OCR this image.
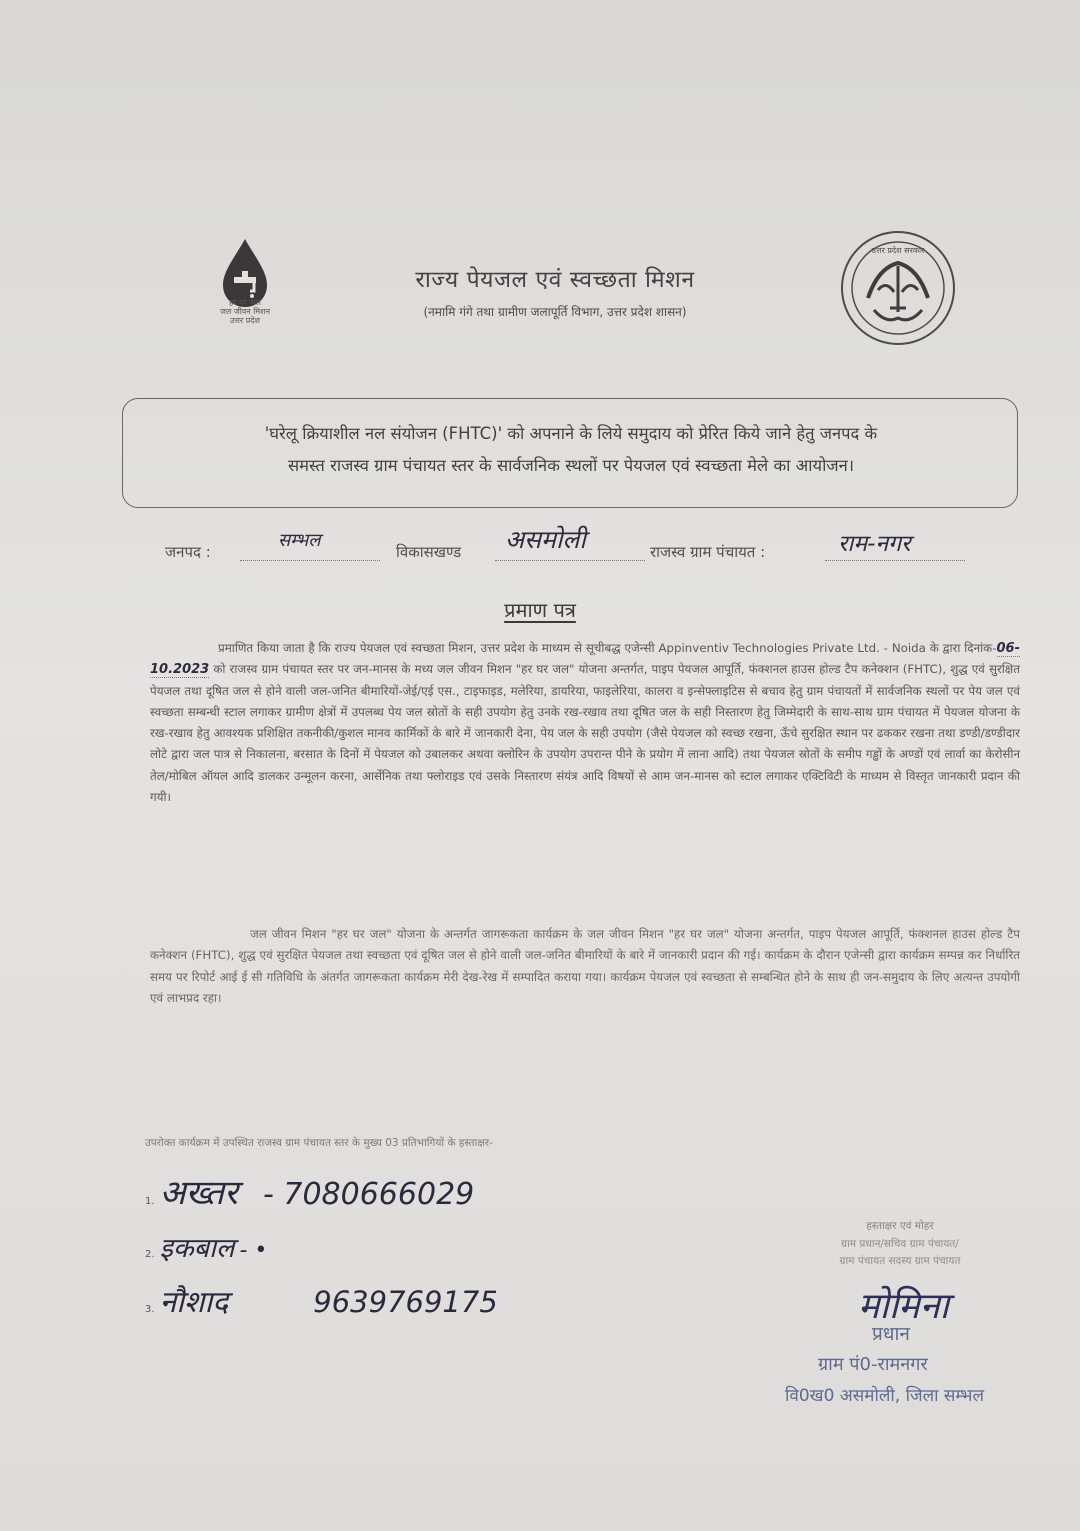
हर घर जल
जल जीवन मिशन
उत्तर प्रदेश
राज्य पेयजल एवं स्वच्छता मिशन
(नमामि गंगे तथा ग्रामीण जलापूर्ति विभाग, उत्तर प्रदेश शासन)
उत्तर प्रदेश सरकार
'घरेलू क्रियाशील नल संयोजन (FHTC)' को अपनाने के लिये समुदाय को प्रेरित किये जाने हेतु जनपद के
समस्त राजस्व ग्राम पंचायत स्तर के सार्वजनिक स्थलों पर पेयजल एवं स्वच्छता मेले का आयोजन।
जनपद :
सम्भल
विकासखण्ड असमोली	राजस्व ग्राम पंचायत :	राम-नगर
प्रमाण पत्र
प्रमाणित किया जाता है कि राज्य पेयजल एवं स्वच्छता मिशन, उत्तर प्रदेश के माध्यम से सूचीबद्ध एजेन्सी Appinventiv Technologies Private Ltd. - Noida के द्वारा दिनांक-06-10.2023 को राजस्व ग्राम पंचायत स्तर पर जन-मानस के मध्य जल जीवन मिशन "हर घर जल" योजना अन्तर्गत, पाइप पेयजल आपूर्ति, फंक्शनल हाउस होल्ड टैप कनेक्शन (FHTC), शुद्ध एवं सुरक्षित पेयजल तथा दूषित जल से होने वाली जल-जनित बीमारियों-जेई/एई एस., टाइफाइड, मलेरिया, डायरिया, फाइलेरिया, कालरा व इन्सेफ्लाइटिस से बचाव हेतु ग्राम पंचायतों में सार्वजनिक स्थलों पर पेय जल एवं स्वच्छता सम्बन्धी स्टाल लगाकर ग्रामीण क्षेत्रों में उपलब्ध पेय जल स्रोतों के सही उपयोग हेतु उनके रख-रखाव तथा दूषित जल के सही निस्तारण हेतु जिम्मेदारी के साथ-साथ ग्राम पंचायत में पेयजल योजना के रख-रखाव हेतु आवश्यक प्रशिक्षित तकनीकी/कुशल मानव कार्मिकों के बारे में जानकारी देना, पेय जल के सही उपयोग (जैसे पेयजल को स्वच्छ रखना, ऊँचे सुरक्षित स्थान पर ढककर रखना तथा डण्डी/डण्डीदार लोटे द्वारा जल पात्र से निकालना, बरसात के दिनों में पेयजल को उबालकर अथवा क्लोरिन के उपयोग उपरान्त पीने के प्रयोग में लाना आदि) तथा पेयजल स्रोतों के समीप गड्ढों के अण्डों एवं लार्वा का केरोसीन तेल/मोबिल ऑयल आदि डालकर उन्मूलन करना, आर्सेनिक तथा फ्लोराइड एवं उसके निस्तारण संयंत्र आदि विषयों से आम जन-मानस को स्टाल लगाकर एक्टिविटी के माध्यम से विस्तृत जानकारी प्रदान की गयी।
जल जीवन मिशन "हर घर जल" योजना के अन्तर्गत जागरूकता कार्यक्रम के जल जीवन मिशन "हर घर जल" योजना अन्तर्गत, पाइप पेयजल आपूर्ति, फंक्शनल हाउस होल्ड टैप कनेक्शन (FHTC), शुद्ध एवं सुरक्षित पेयजल तथा स्वच्छता एवं दूषित जल से होने वाली जल-जनित बीमारियों के बारे में जानकारी प्रदान की गई। कार्यक्रम के दौरान एजेन्सी द्वारा कार्यक्रम सम्पन्न कर निर्धारित समय पर रिपोर्ट आई ई सी गतिविधि के अंतर्गत जागरूकता कार्यक्रम मेरी देख-रेख में सम्पादित कराया गया। कार्यक्रम पेयजल एवं स्वच्छता से सम्बन्धित होने के साथ ही जन-समुदाय के लिए अत्यन्त उपयोगी एवं लाभप्रद रहा।
उपरोक्त कार्यक्रम में उपस्थित राजस्व ग्राम पंचायत स्तर के मुख्य 03 प्रतिभागियों के हस्ताक्षर-
1. अख्तर - 7080666029
2. इकबाल - •
3. नौशाद	9639769175
हस्ताक्षर एवं मोहर
ग्राम प्रधान/सचिव ग्राम पंचायत/
ग्राम पंचायत सदस्य ग्राम पंचायत
मोमिना
प्रधान
ग्राम पं0-रामनगर
वि0ख0 असमोली, जिला सम्भल
